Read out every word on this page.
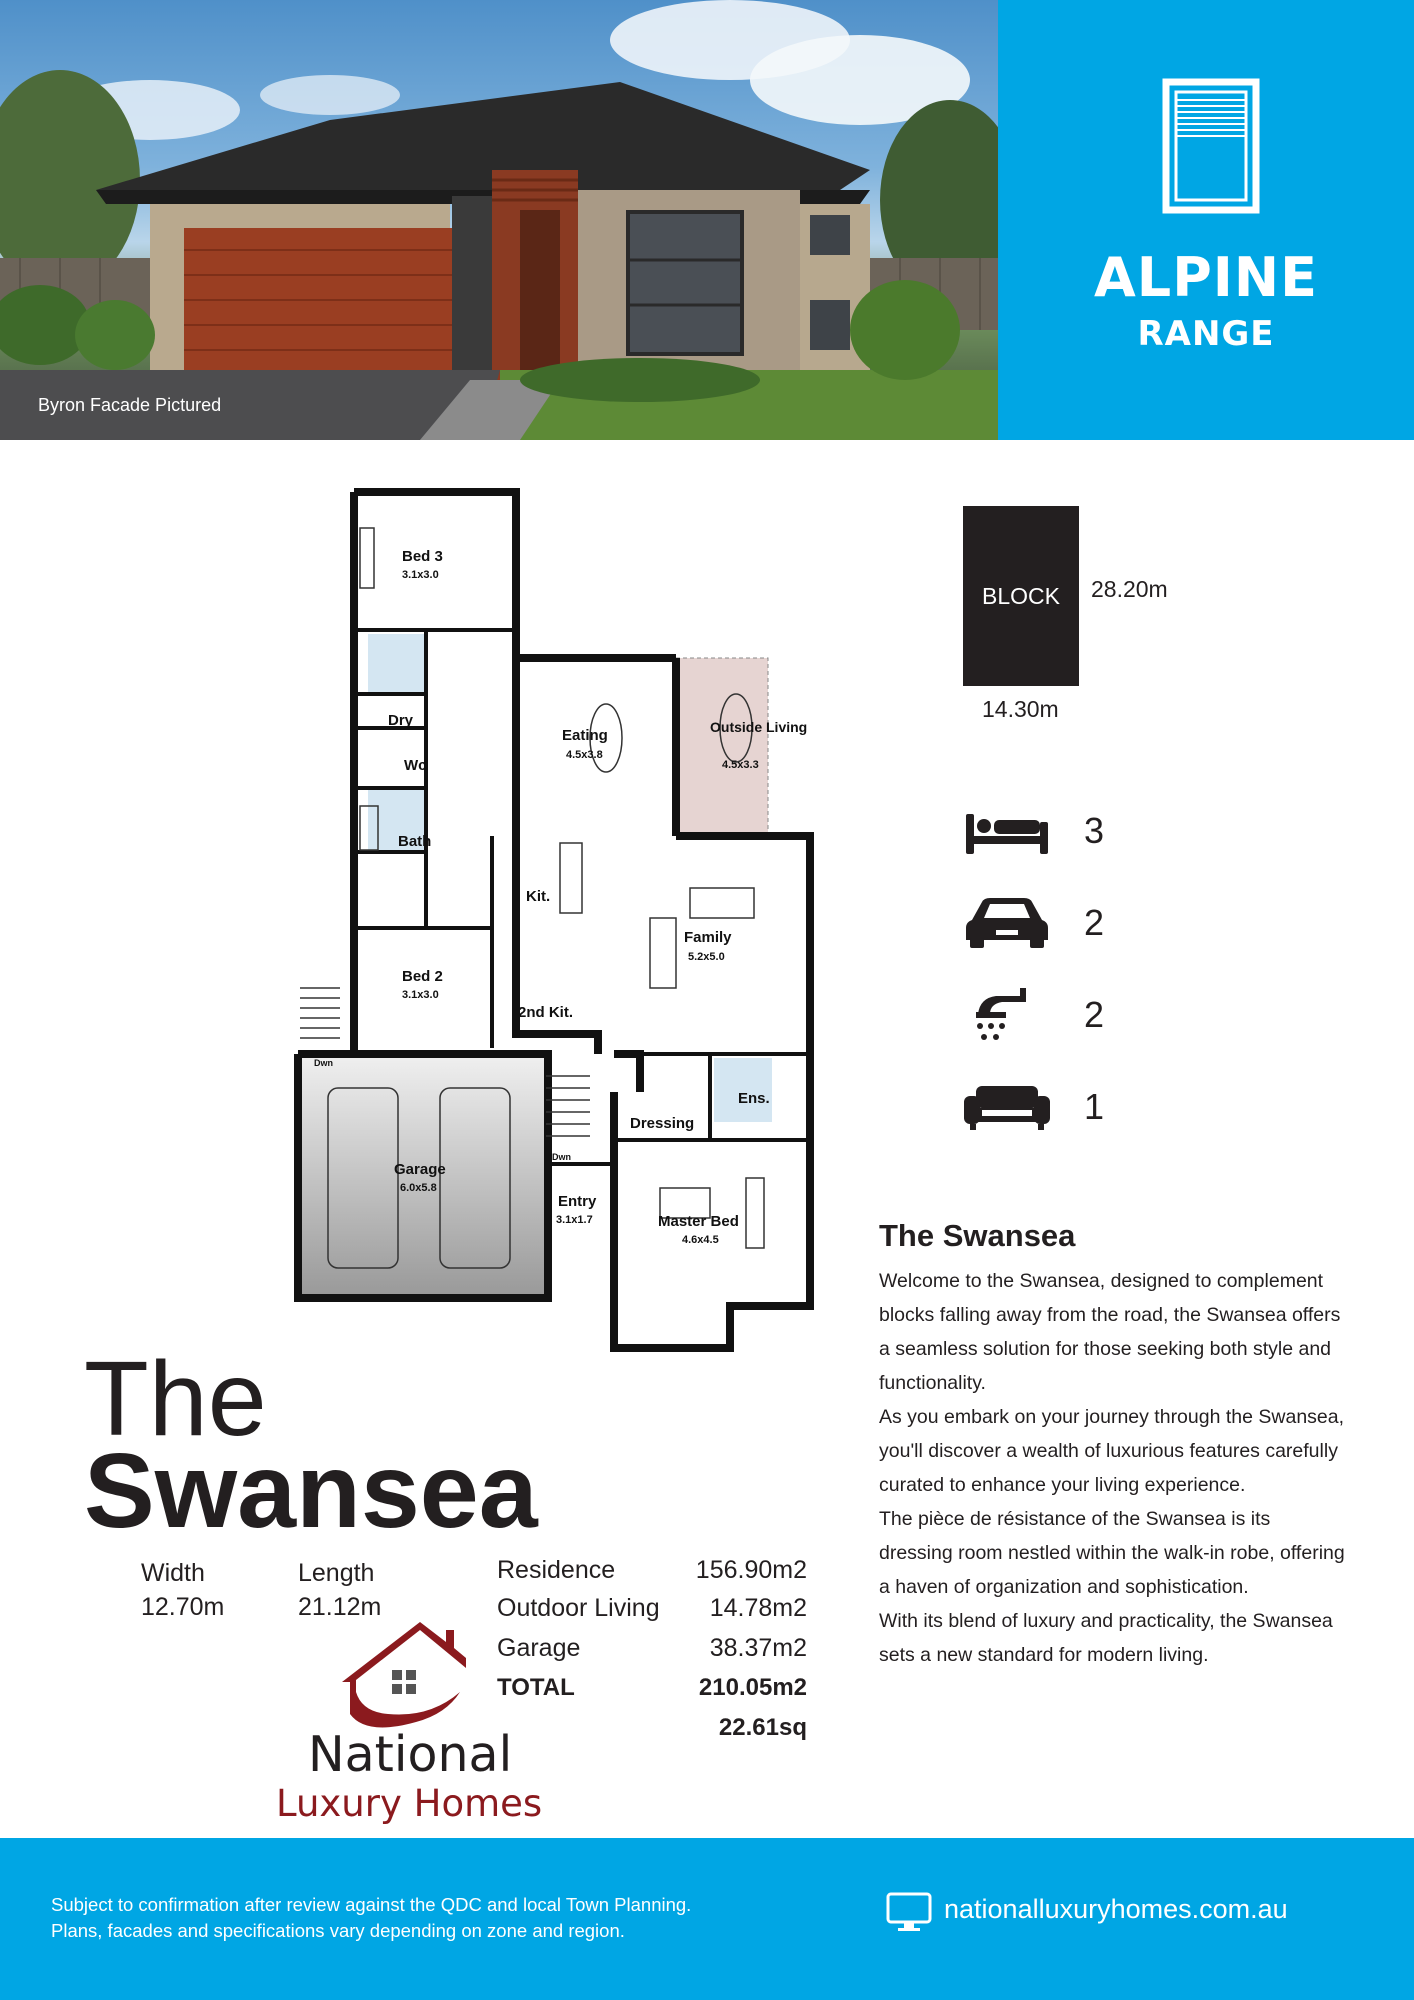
Byron Facade Pictured
ALPINE
RANGE
Bed 3
3.1x3.0
Dry
Wc
Bath
Eating
4.5x3.8
Outside Living
4.5x3.3
Kit.
Family
5.2x5.0
Bed 2
3.1x3.0
2nd Kit.
Ens.
Dressing
Garage
6.0x5.8
Entry
3.1x1.7	Master Bed
4.6x4.5
Dwn
Dwn
BLOCK 28.20m
14.30m
3
2
2
1
The Swansea

Welcome to the Swansea, designed to complement blocks falling away from the road, the Swansea offers a seamless solution for those seeking both style and functionality.

As you embark on your journey through the Swansea, you'll discover a wealth of luxurious features carefully curated to enhance your living experience.

The pièce de résistance of the Swansea is its dressing room nestled within the walk-in robe, offering a haven of organization and sophistication.

With its blend of luxury and practicality, the Swansea sets a new standard for modern living.

The
Swansea
Width
12.70m
Length
21.12m
Residence	156.90m2
Outdoor Living 14.78m2
Garage	38.37m2
TOTAL	210.05m2
22.61sq
National
Luxury Homes
Subject to confirmation after review against the QDC and local Town Planning.
Plans, facades and specifications vary depending on zone and region.
nationalluxuryhomes.com.au
